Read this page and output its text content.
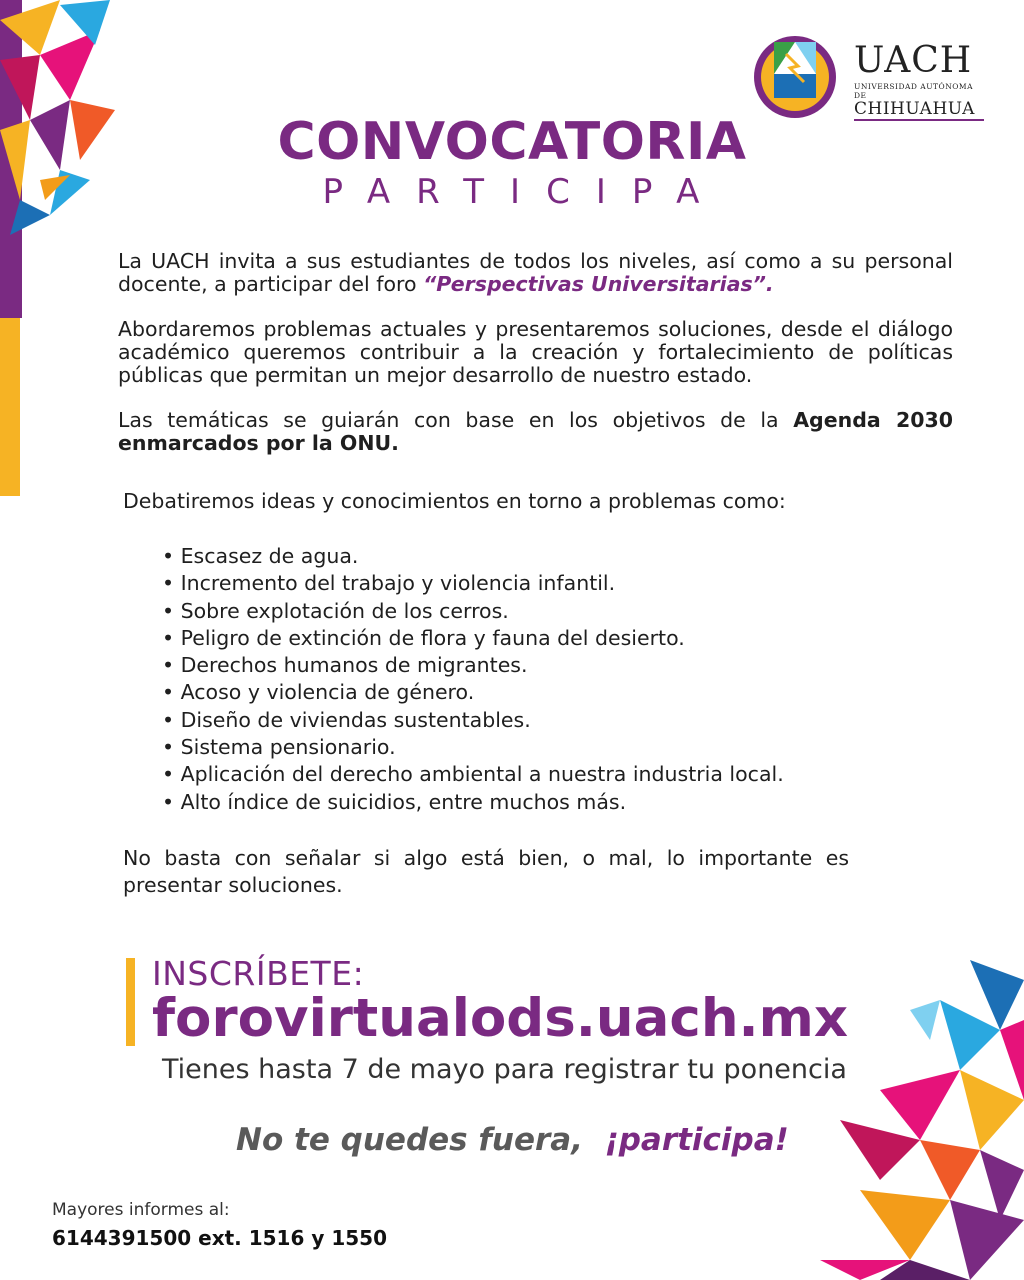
UACH
UNIVERSIDAD AUTÓNOMA DE
CHIHUAHUA
CONVOCATORIA
PARTICIPA
La UACH invita a sus estudiantes de todos los niveles, así como a su personal docente, a participar del foro “Perspectivas Universitarias”.
Abordaremos problemas actuales y presentaremos soluciones, desde el diálogo académico queremos contribuir a la creación y fortalecimiento de políticas públicas que permitan un mejor desarrollo de nuestro estado.
Las temáticas se guiarán con base en los objetivos de la Agenda 2030 enmarcados por la ONU.
Debatiremos ideas y conocimientos en torno a problemas como:
• Escasez de agua.
• Incremento del trabajo y violencia infantil.
• Sobre explotación de los cerros.
• Peligro de extinción de flora y fauna del desierto.
• Derechos humanos de migrantes.
• Acoso y violencia de género.
• Diseño de viviendas sustentables.
• Sistema pensionario.
• Aplicación del derecho ambiental a nuestra industria local.
• Alto índice de suicidios, entre muchos más.
No basta con señalar si algo está bien, o mal, lo importante es presentar soluciones.
INSCRÍBETE:
forovirtualods.uach.mx
Tienes hasta 7 de mayo para registrar tu ponencia
No te quedes fuera, ¡participa!
Mayores informes al:
6144391500 ext. 1516 y 1550
